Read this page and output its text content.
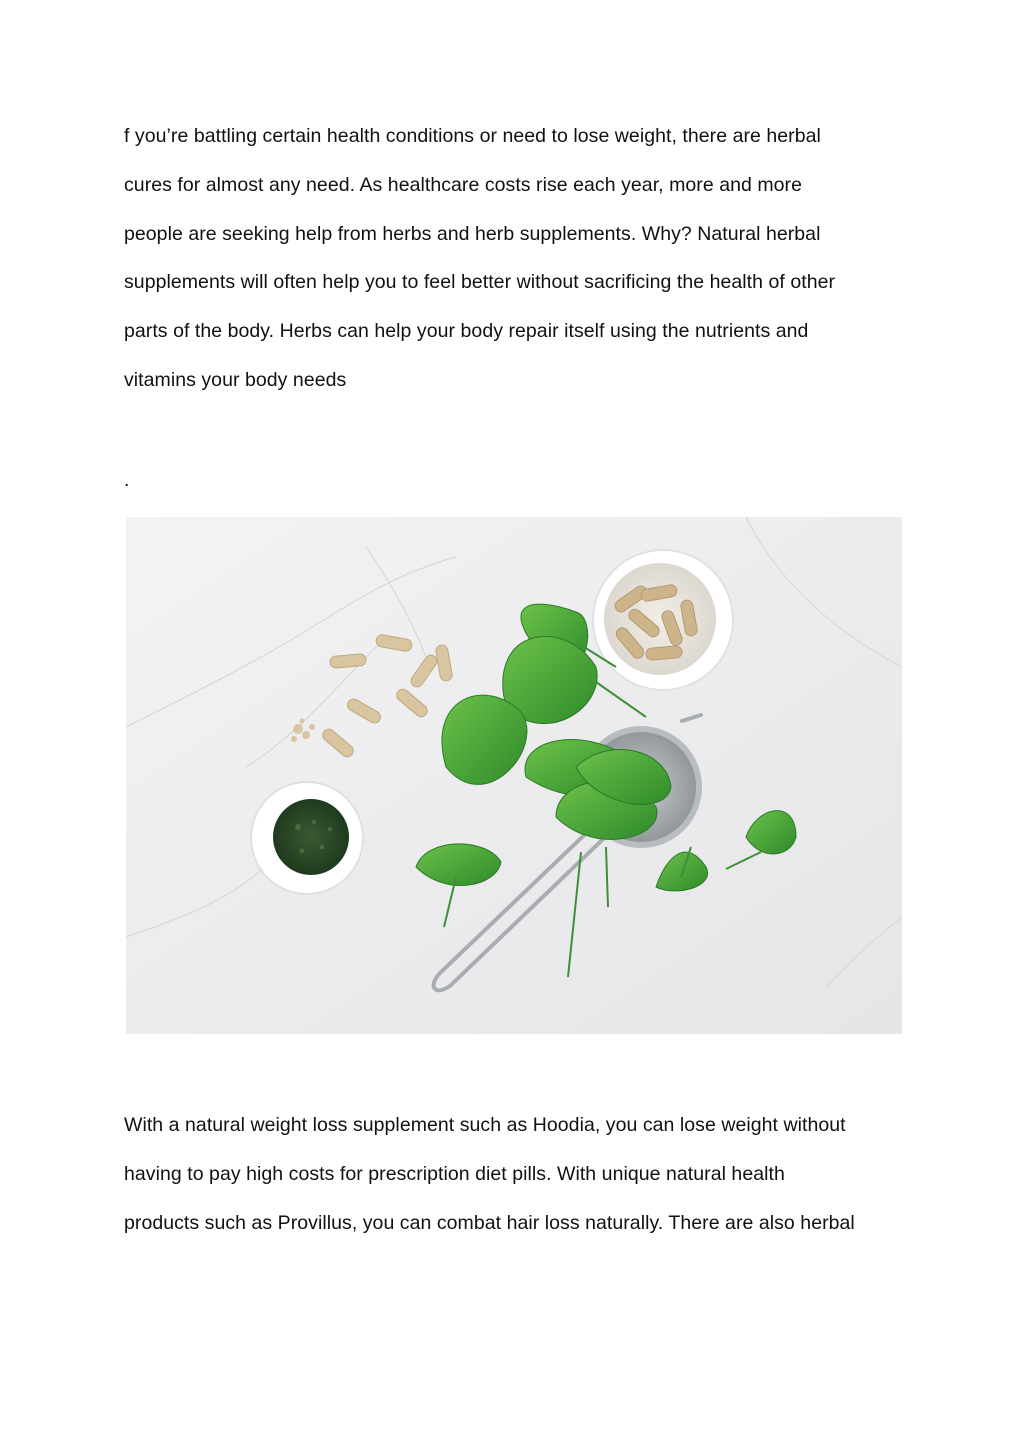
f you’re battling certain health conditions or need to lose weight, there are herbal
cures for almost any need. As healthcare costs rise each year, more and more
people are seeking help from herbs and herb supplements. Why? Natural herbal
supplements will often help you to feel better without sacrificing the health of other
parts of the body. Herbs can help your body repair itself using the nutrients and
vitamins your body needs
.
With a natural weight loss supplement such as Hoodia, you can lose weight without
having to pay high costs for prescription diet pills. With unique natural health
products such as Provillus, you can combat hair loss naturally. There are also herbal
